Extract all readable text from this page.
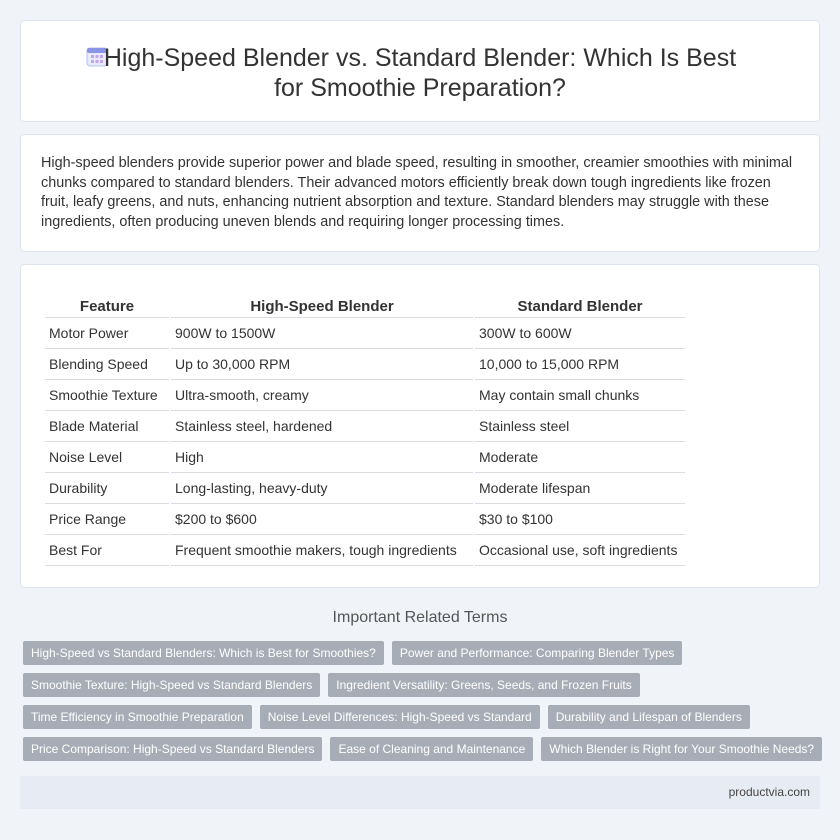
High-Speed Blender vs. Standard Blender: Which Is Best for Smoothie Preparation?

High-speed blenders provide superior power and blade speed, resulting in smoother, creamier smoothies with minimal chunks compared to standard blenders. Their advanced motors efficiently break down tough ingredients like frozen fruit, leafy greens, and nuts, enhancing nutrient absorption and texture. Standard blenders may struggle with these ingredients, often producing uneven blends and requiring longer processing times.

Feature	High-Speed Blender	Standard Blender
Motor Power	900W to 1500W	300W to 600W
Blending Speed	Up to 30,000 RPM	10,000 to 15,000 RPM
Smoothie Texture	Ultra-smooth, creamy	May contain small chunks
Blade Material	Stainless steel, hardened	Stainless steel
Noise Level	High	Moderate
Durability	Long-lasting, heavy-duty	Moderate lifespan
Price Range	$200 to $600	$30 to $100
Best For	Frequent smoothie makers, tough ingredients	Occasional use, soft ingredients
Important Related Terms
High-Speed vs Standard Blenders: Which is Best for Smoothies?	Power and Performance: Comparing Blender Types
Smoothie Texture: High-Speed vs Standard Blenders	Ingredient Versatility: Greens, Seeds, and Frozen Fruits
Time Efficiency in Smoothie Preparation	Noise Level Differences: High-Speed vs Standard	Durability and Lifespan of Blenders
Price Comparison: High-Speed vs Standard Blenders	Ease of Cleaning and Maintenance	Which Blender is Right for Your Smoothie Needs?
productvia.com
